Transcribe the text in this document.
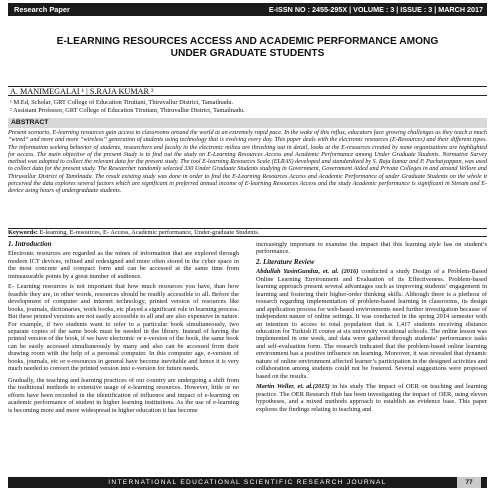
Research Paper	E-ISSN NO : 2455-295X | VOLUME : 3 | ISSUE : 3 | MARCH 2017
E-LEARNING RESOURCES ACCESS AND ACADEMIC PERFORMANCE AMONG UNDER GRADUATE STUDENTS
A. MANIMEGALAI ¹ | S.RAJA KUMAR ²
¹ M.Ed, Scholar, GRT College of Education Tiruttani, Thiruvallur District, Tamailnadu.
² Assistant Professor, GRT College of Education Tiruttani, Thiruvallur District, Tamailnadu.
ABSTRACT
Present scenario, E-learning resources gain access to classrooms around the world at an extremely rapid pace. In the wake of this influx, educators face growing challenges as they teach a much “wired” and more and more “wireless” generation of students using technology that is evolving every day. This paper deals with the electronic resources (E-Resources) and their different types. The information seeking behavior of students, researchers and faculty in the electronic milieu are thrashing out in detail, looks at the E-resources created by some organizations are highlighted for access. The main objective of the present Study is to find out the study on E-Learning Resources Access and Academic Performance among Under Graduate Students. Normative Survey method was adopted to collect the relevant data for the present study. The tool E-learning Resources Scale (ELRAS) developed and standardized by S. Raja kumar and P. Pachaiyappan, was used to collect data for the present study. The Researcher randomly selected 330 Under Graduate Students studying in Government, Government Aided and Private Colleges in and around Vellore and Thiruvallur District of Tamilnadu. The result existing study was done in order to find the E-Learning Resources Access and Academic Performance of under Graduate Students on the whole it perceived the data explores several factors which are significant in preferred annual income of E-learning Resources Access and the study Academic performance is significant in Stream and E-device using hours of undergraduate students.
Keywords: E-learning, E-resources, E- Access, Academic performance, Under-graduate Students.
1. Introduction

Electronic resources are regarded as the mines of information that are explored through modern ICT devices, refined and redesigned and more often stored in the cyber space in the most concrete and compact form and can be accessed at the same time from immeasurable points by a great number of audience.

E- Learning resources is not important that how much resources you have, than how feasible they are, in other words, resources should be readily accessible to all. Before the development of computer and internet technology, printed version of resources like books, journals, dictionaries, work books, etc played a significant role in learning process. But these printed versions are not easily accessible to all and are also expensive in nature. For example, if two students want to refer to a particular book simultaneously, two separate copies of the same book must be needed in the library. Instead of having the printed version of the book, if we have electronic or e-version of the book, the same book can be easily accessed simultaneously by many and also can be accessed from their drawing room with the help of a personal computer. In this computer age, e-version of books, journals, etc or e-resources in general have become inevitable and hence it is very much needed to convert the printed version into e-version for future needs.

Gradually, the teaching and learning practices of our country are undergoing a shift from the traditional methods to extensive usage of e-learning resources. However, little or no efforts have been recorded in the identification of influence and impact of e-learning on academic performance of student in higher learning institutions. As the use of e-learning is becoming more and more widespread in higher education it has become

increasingly important to examine the impact that this learning style has on student’s performance.

2. Literature Review

Abdullah YasinGunduz, et. al. (2016) conducted a study Design of a Problem-Based Online Learning Environment and Evaluation of its Effectiveness. Problem-based learning approach present several advantages such as improving students’ engagement in learning and fostering their higher-order thinking skills. Although there is a plethora of research regarding implementation of problem-based learning in classrooms, its design and application process for web-based environments need further investigation because of independent nature of online settings. It was conducted in the spring 2014 semester with an intention to access to total population that is 1,417 students receiving distance education for Turkish II course at six university vocational schools. The online lesson was implemented in one week, and data were gathered through students’ performance tasks and self-evaluation form. The research indicated that the problem-based online learning environment has a positive influence on learning. Moreover, it was revealed that dynamic nature of online environment affected learner’s participation in the designed activities and collaboration among students could not be fostered. Several suggestions were proposed based on the results.

Martin Weller, et. al.(2015) in his study The impact of OER on teaching and learning practice. The OER Research Hub has been investigating the impact of OER, using eleven hypotheses, and a mixed methods approach to establish an evidence base. This paper explores the findings relating to teaching and

INTERNATIONAL EDUCATIONAL SCIENTIFIC RESEARCH JOURNAL	77
